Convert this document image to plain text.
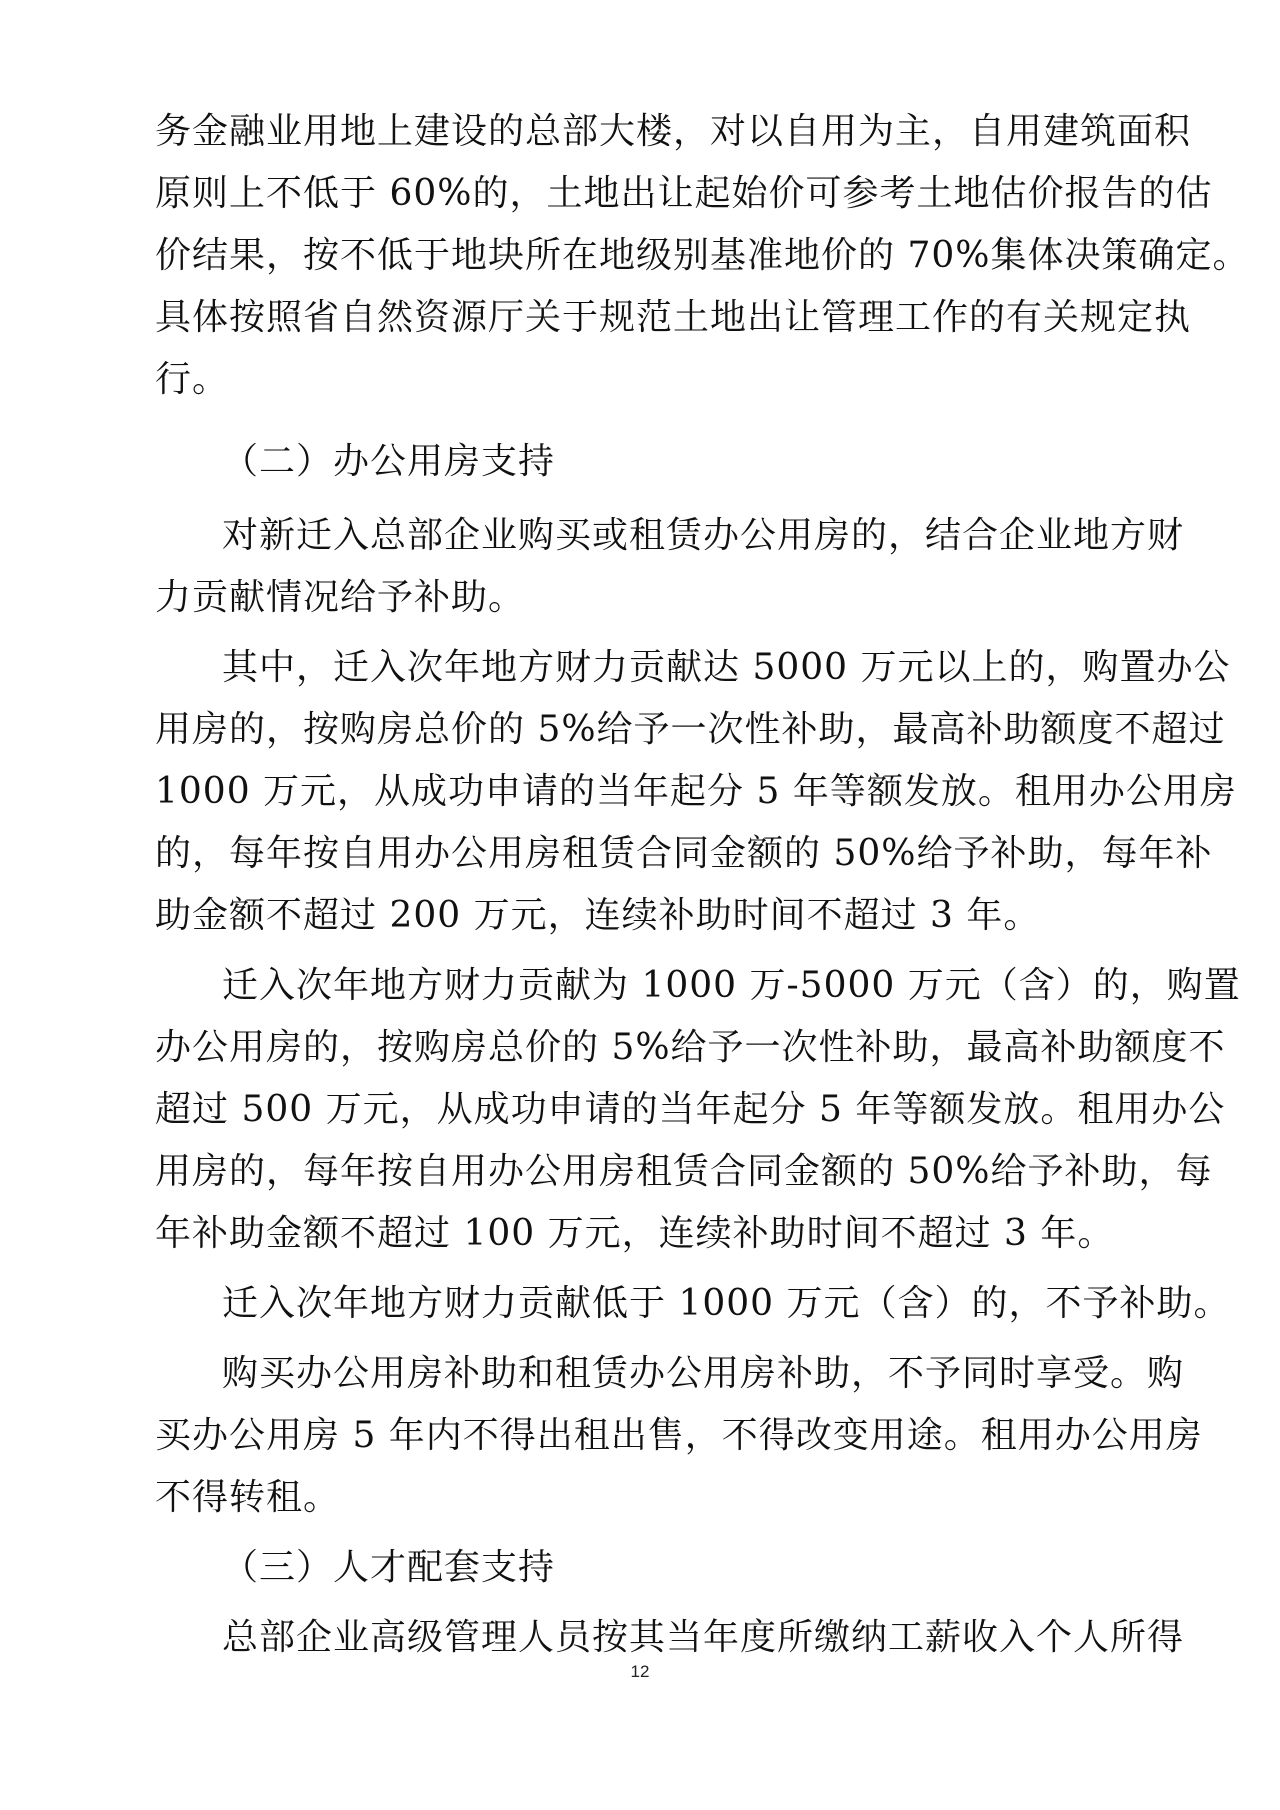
务金融业用地上建设的总部大楼，对以自用为主，自用建筑面积
原则上不低于 60%的，土地出让起始价可参考土地估价报告的估
价结果，按不低于地块所在地级别基准地价的 70%集体决策确定。
具体按照省自然资源厅关于规范土地出让管理工作的有关规定执
行。
（二）办公用房支持
对新迁入总部企业购买或租赁办公用房的，结合企业地方财
力贡献情况给予补助。
其中，迁入次年地方财力贡献达 5000 万元以上的，购置办公
用房的，按购房总价的 5%给予一次性补助，最高补助额度不超过
1000 万元，从成功申请的当年起分 5 年等额发放。租用办公用房
的，每年按自用办公用房租赁合同金额的 50%给予补助，每年补
助金额不超过 200 万元，连续补助时间不超过 3 年。
迁入次年地方财力贡献为 1000 万-5000 万元（含）的，购置
办公用房的，按购房总价的 5%给予一次性补助，最高补助额度不
超过 500 万元，从成功申请的当年起分 5 年等额发放。租用办公
用房的，每年按自用办公用房租赁合同金额的 50%给予补助，每
年补助金额不超过 100 万元，连续补助时间不超过 3 年。
迁入次年地方财力贡献低于 1000 万元（含）的，不予补助。
购买办公用房补助和租赁办公用房补助，不予同时享受。购
买办公用房 5 年内不得出租出售，不得改变用途。租用办公用房
不得转租。
（三）人才配套支持
总部企业高级管理人员按其当年度所缴纳工薪收入个人所得
12
